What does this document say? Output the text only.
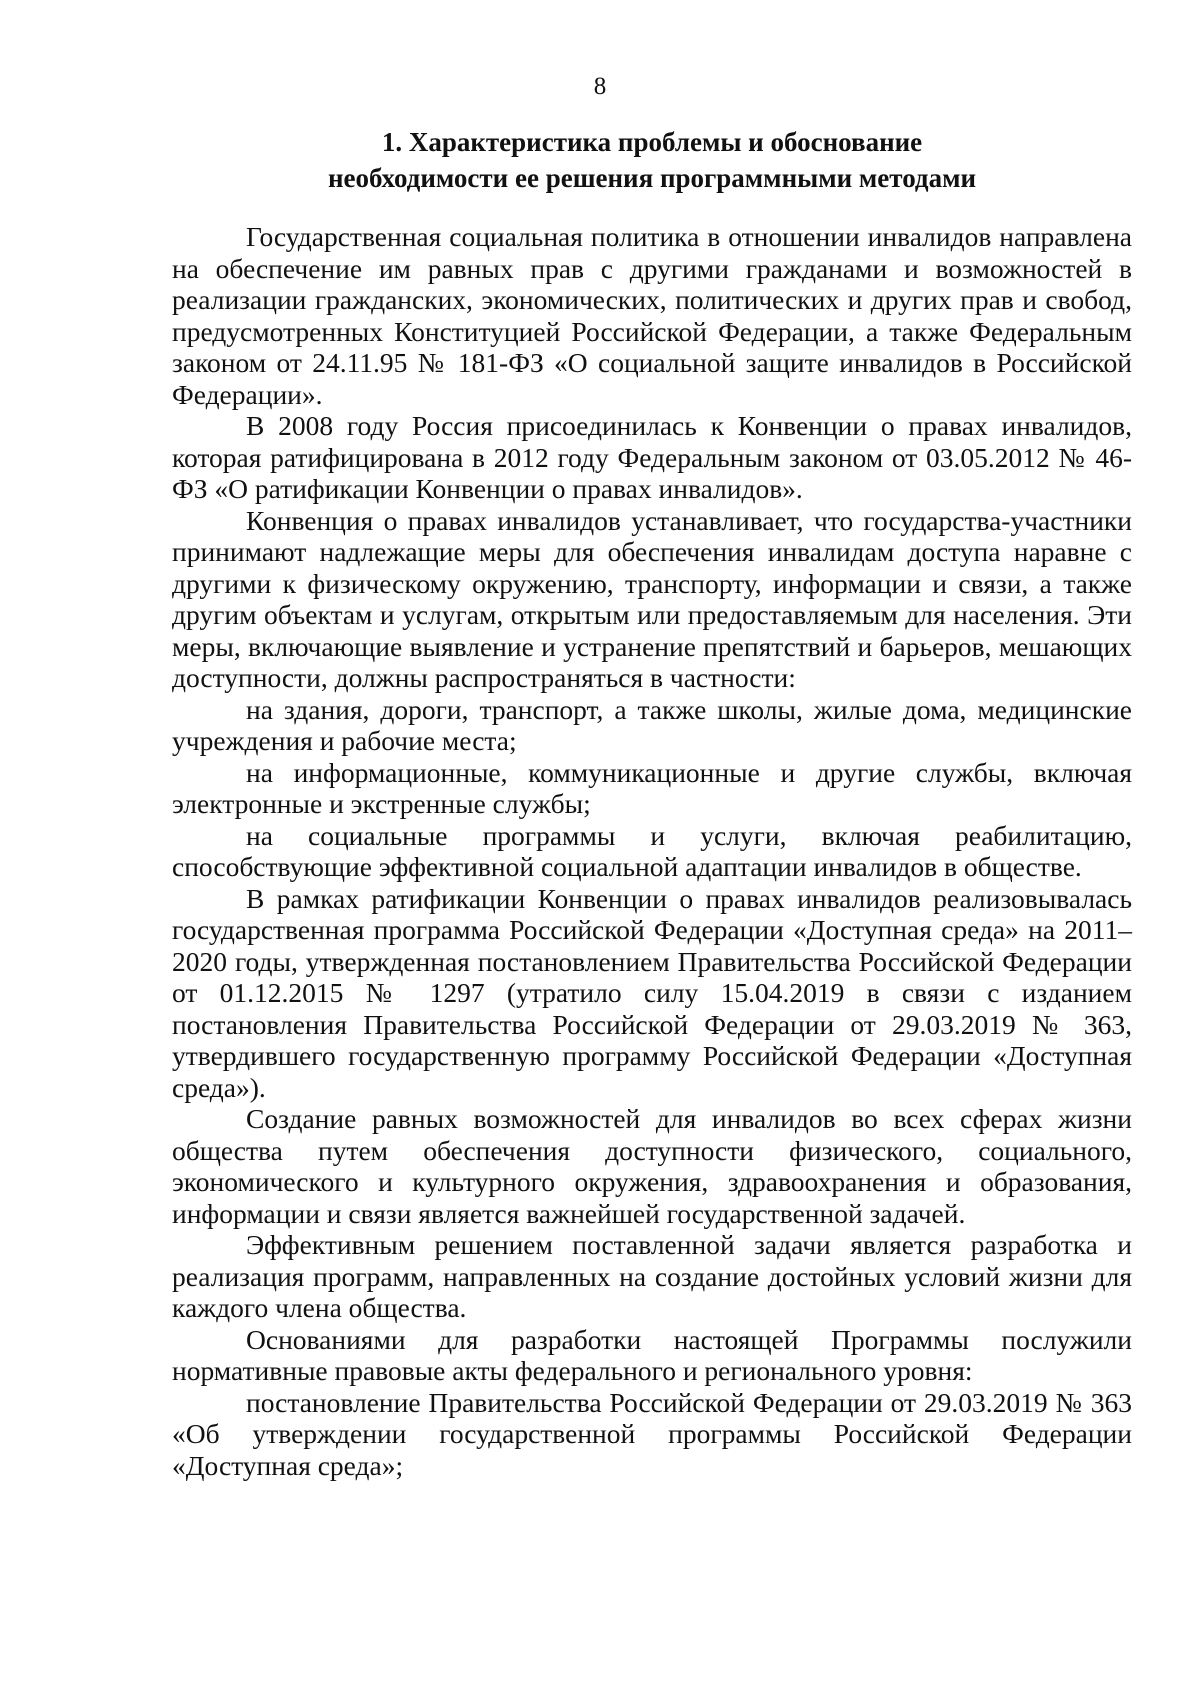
8
1. Характеристика проблемы и обоснование
необходимости ее решения программными методами

Государственная социальная политика в отношении инвалидов направлена на обеспечение им равных прав с другими гражданами и возможностей в реализации гражданских, экономических, политических и других прав и свобод, предусмотренных Конституцией Российской Федерации, а также Федеральным законом от 24.11.95 № 181-ФЗ «О социальной защите инвалидов в Российской Федерации».

В 2008 году Россия присоединилась к Конвенции о правах инвалидов, которая ратифицирована в 2012 году Федеральным законом от 03.05.2012 № 46-ФЗ «О ратификации Конвенции о правах инвалидов».

Конвенция о правах инвалидов устанавливает, что государства-участники принимают надлежащие меры для обеспечения инвалидам доступа наравне с другими к физическому окружению, транспорту, информации и связи, а также другим объектам и услугам, открытым или предоставляемым для населения. Эти меры, включающие выявление и устранение препятствий и барьеров, мешающих доступности, должны распространяться в частности:

на здания, дороги, транспорт, а также школы, жилые дома, медицинские учреждения и рабочие места;

на информационные, коммуникационные и другие службы, включая электронные и экстренные службы;

на социальные программы и услуги, включая реабилитацию, способствующие эффективной социальной адаптации инвалидов в обществе.

В рамках ратификации Конвенции о правах инвалидов реализовывалась государственная программа Российской Федерации «Доступная среда» на 2011–2020 годы, утвержденная постановлением Правительства Российской Федерации от 01.12.2015 № 1297 (утратило силу 15.04.2019 в связи с изданием постановления Правительства Российской Федерации от 29.03.2019 № 363, утвердившего государственную программу Российской Федерации «Доступная среда»).

Создание равных возможностей для инвалидов во всех сферах жизни общества путем обеспечения доступности физического, социального, экономического и культурного окружения, здравоохранения и образования, информации и связи является важнейшей государственной задачей.

Эффективным решением поставленной задачи является разработка и реализация программ, направленных на создание достойных условий жизни для каждого члена общества.

Основаниями для разработки настоящей Программы послужили нормативные правовые акты федерального и регионального уровня:

постановление Правительства Российской Федерации от 29.03.2019 № 363 «Об утверждении государственной программы Российской Федерации «Доступная среда»;
